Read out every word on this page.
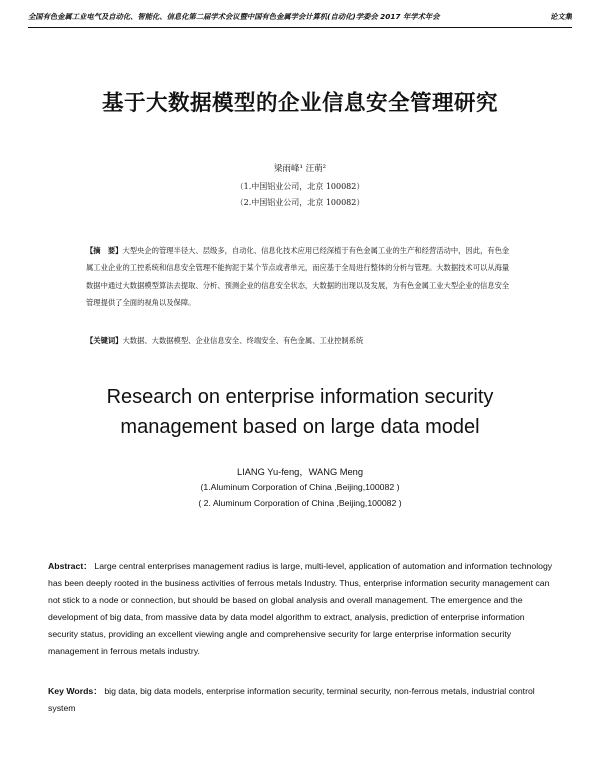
全国有色金属工业电气及自动化、智能化、信息化第二届学术会议暨中国有色金属学会计算机(自动化)学委会 2017 年学术年会	论文集
基于大数据模型的企业信息安全管理研究
梁雨峰¹ 汪萌²
（1.中国铝业公司，北京 100082）
（2.中国铝业公司，北京 100082）
【摘　要】大型央企的管理半径大、层级多，自动化、信息化技术应用已经深植于有色金属工业的生产和经营活动中，因此，有色金属工业企业的工控系统和信息安全管理不能拘泥于某个节点或者单元，而应基于全局进行整体的分析与管理。大数据技术可以从海量数据中通过大数据模型算法去提取、分析、预测企业的信息安全状态，大数据的出现以及发展，为有色金属工业大型企业的信息安全管理提供了全面的视角以及保障。
【关键词】大数据、大数据模型、企业信息安全、终端安全、有色金属、工业控制系统
Research on enterprise information security
management based on large data model
LIANG Yu-feng，WANG Meng
(1.Aluminum Corporation of China ,Beijing,100082 )
( 2. Aluminum Corporation of China ,Beijing,100082 )
Abstract： Large central enterprises management radius is large, multi-level, application of automation and information technology has been deeply rooted in the business activities of ferrous metals Industry. Thus, enterprise information security management can not stick to a node or connection, but should be based on global analysis and overall management. The emergence and the development of big data, from massive data by data model algorithm to extract, analysis, prediction of enterprise information security status, providing an excellent viewing angle and comprehensive security for large enterprise information security management in ferrous metals industry.
Key Words： big data, big data models, enterprise information security, terminal security, non-ferrous metals, industrial control system
